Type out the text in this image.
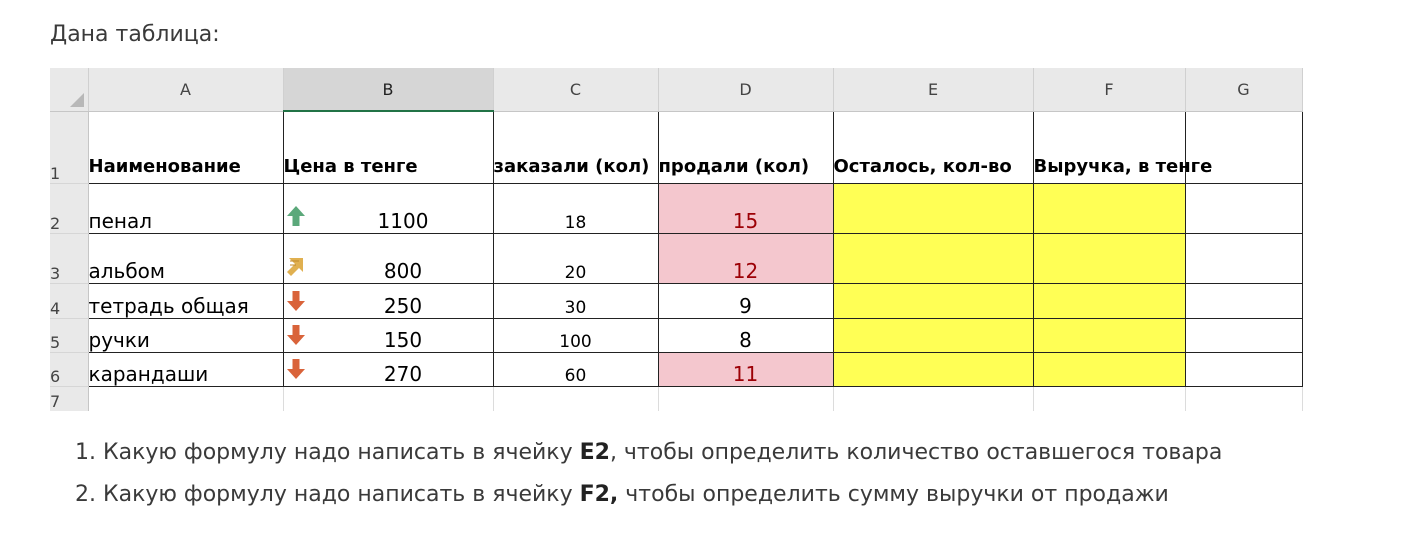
Дана таблица:
	A	B	C	D	E	F	G
1	Наименование	Цена в тенге	заказали (кол)	продали (кол)	Осталось, кол-во	Выручка, в тенге	
2	пенал	1100	18	15			
3	альбом	800	20	12			
4	тетрадь общая	250	30	9			
5	ручки	150	100	8			
6	карандаши	270	60	11			
7							
1. Какую формулу надо написать в ячейку E2, чтобы определить количество оставшегося товара
2. Какую формулу надо написать в ячейку F2, чтобы определить сумму выручки от продажи
